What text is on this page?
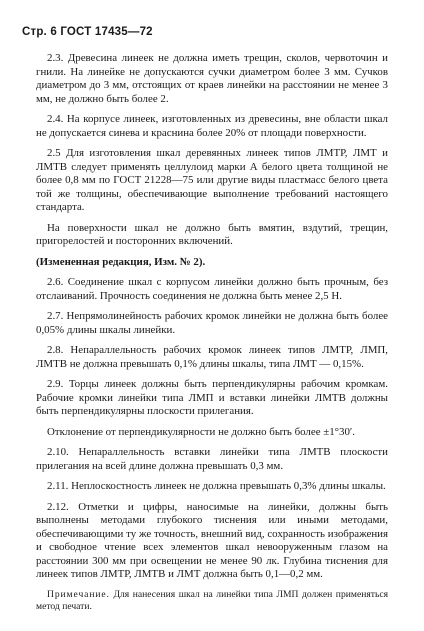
Стр. 6 ГОСТ 17435—72

2.3. Древесина линеек не должна иметь трещин, сколов, червоточин и гнили. На линейке не допускаются сучки диаметром более 3 мм. Сучков диаметром до 3 мм, отстоящих от краев линейки на расстоянии не менее 3 мм, не должно быть более 2.

2.4. На корпусе линеек, изготовленных из древесины, вне области шкал не допускается синева и краснина более 20% от площади поверхности.

2.5 Для изготовления шкал деревянных линеек типов ЛМТР, ЛМТ и ЛМТВ следует применять целлулоид марки А белого цвета толщиной не более 0,8 мм по ГОСТ 21228—75 или другие виды пластмасс белого цвета той же толщины, обеспечивающие выполнение требований настоящего стандарта.

На поверхности шкал не должно быть вмятин, вздутий, трещин, пригорелостей и посторонних включений.

(Измененная редакция, Изм. № 2).

2.6. Соединение шкал с корпусом линейки должно быть прочным, без отслаиваний. Прочность соединения не должна быть менее 2,5 Н.

2.7. Непрямолинейность рабочих кромок линейки не должна быть более 0,05% длины шкалы линейки.

2.8. Непараллельность рабочих кромок линеек типов ЛМТР, ЛМП, ЛМТВ не должна превышать 0,1% длины шкалы, типа ЛМТ — 0,15%.

2.9. Торцы линеек должны быть перпендикулярны рабочим кромкам. Рабочие кромки линейки типа ЛМП и вставки линейки ЛМТВ должны быть перпендикулярны плоскости прилегания.

Отклонение от перпендикулярности не должно быть более ±1°30′.

2.10. Непараллельность вставки линейки типа ЛМТВ плоскости прилегания на всей длине должна превышать 0,3 мм.

2.11. Неплоскостность линеек не должна превышать 0,3% длины шкалы.

2.12. Отметки и цифры, наносимые на линейки, должны быть выполнены методами глубокого тиснения или иными методами, обеспечивающими ту же точность, внешний вид, сохранность изображения и свободное чтение всех элементов шкал невооруженным глазом на расстоянии 300 мм при освещении не менее 90 лк. Глубина тиснения для линеек типов ЛМТР, ЛМТВ и ЛМТ должна быть 0,1—0,2 мм.

Примечание. Для нанесения шкал на линейки типа ЛМП должен применяться метод печати.
